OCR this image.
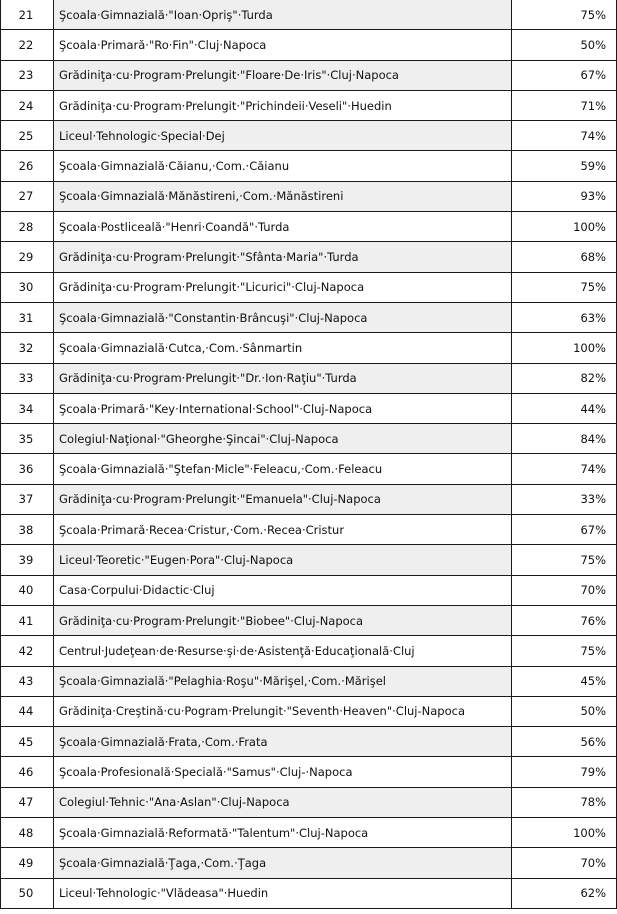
21	Şcoala·Gimnazială·"Ioan·Opriş"·Turda	75%
22	Şcoala·Primară·"Ro·Fin"·Cluj·Napoca	50%
23	Grădiniţa·cu·Program·Prelungit·"Floare·De·Iris"·Cluj·Napoca	67%
24	Grădiniţa·cu·Program·Prelungit·"Prichindeii·Veseli"·Huedin	71%
25	Liceul·Tehnologic·Special·Dej	74%
26	Şcoala·Gimnazială·Căianu,·Com.·Căianu	59%
27	Şcoala·Gimnazială·Mănăstireni,·Com.·Mănăstireni	93%
28	Şcoala·Postliceală·"Henri·Coandă"·Turda	100%
29	Grădiniţa·cu·Program·Prelungit·"Sfânta·Maria"·Turda	68%
30	Grădiniţa·cu·Program·Prelungit·"Licurici"·Cluj-Napoca	75%
31	Şcoala·Gimnazială·"Constantin·Brâncuşi"·Cluj-Napoca	63%
32	Şcoala·Gimnazială·Cutca,·Com.·Sânmartin	100%
33	Grădiniţa·cu·Program·Prelungit·"Dr.·Ion·Raţiu"·Turda	82%
34	Şcoala·Primară·"Key·International·School"·Cluj-Napoca	44%
35	Colegiul·Naţional·"Gheorghe·Şincai"·Cluj-Napoca	84%
36	Şcoala·Gimnazială·"Ştefan·Micle"·Feleacu,·Com.·Feleacu	74%
37	Grădiniţa·cu·Program·Prelungit·"Emanuela"·Cluj-Napoca	33%
38	Şcoala·Primară·Recea·Cristur,·Com.·Recea·Cristur	67%
39	Liceul·Teoretic·"Eugen·Pora"·Cluj-Napoca	75%
40	Casa·Corpului·Didactic·Cluj	70%
41	Grădiniţa·cu·Program·Prelungit·"Biobee"·Cluj-Napoca	76%
42	Centrul·Judeţean·de·Resurse·şi·de·Asistenţă·Educaţională·Cluj	75%
43	Şcoala·Gimnazială·"Pelaghia·Roşu"·Mărişel,·Com.·Mărişel	45%
44	Grădiniţa·Creştină·cu·Pogram·Prelungit·"Seventh·Heaven"·Cluj-Napoca	50%
45	Şcoala·Gimnazială·Frata,·Com.·Frata	56%
46	Şcoala·Profesională·Specială·"Samus"·Cluj-·Napoca	79%
47	Colegiul·Tehnic·"Ana·Aslan"·Cluj-Napoca	78%
48	Şcoala·Gimnazială·Reformată·"Talentum"·Cluj-Napoca	100%
49	Şcoala·Gimnazială·Ţaga,·Com.·Ţaga	70%
50	Liceul·Tehnologic·"Vlădeasa"·Huedin	62%
